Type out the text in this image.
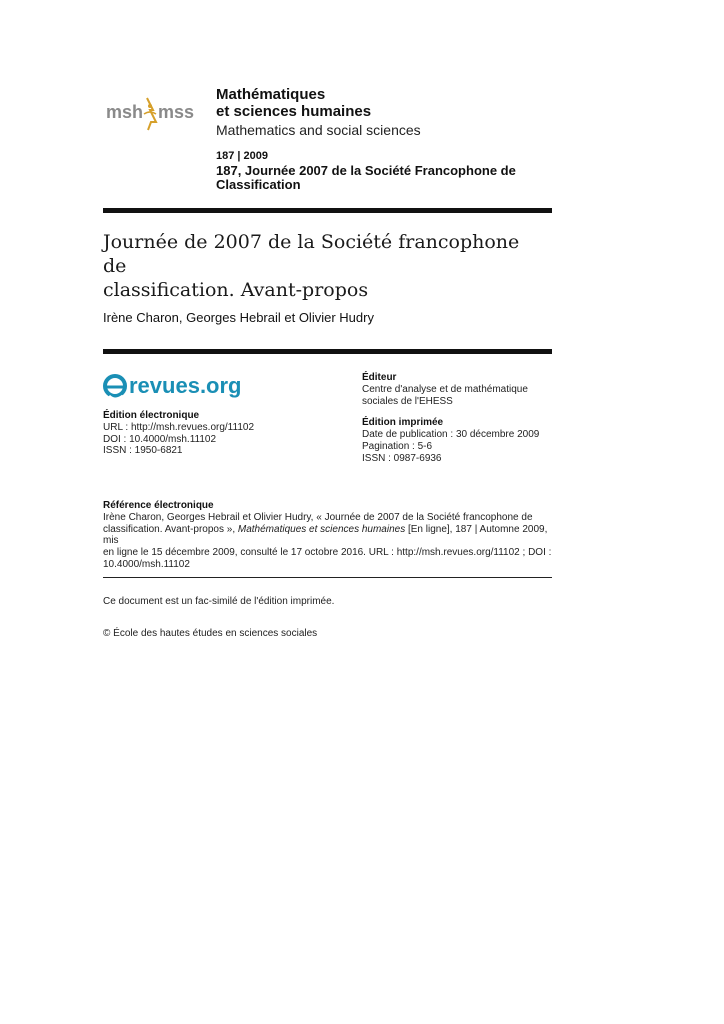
msh mss

Mathématiques

et sciences humaines

Mathematics and social sciences

187 | 2009
187, Journée 2007 de la Société Francophone de Classification
Journée de 2007 de la Société francophone de
classification. Avant-propos
Irène Charon, Georges Hebrail et Olivier Hudry
revues.org
Édition électronique
URL : http://msh.revues.org/11102
DOI : 10.4000/msh.11102
ISSN : 1950-6821
Éditeur
Centre d'analyse et de mathématique
sociales de l'EHESS
Édition imprimée
Date de publication : 30 décembre 2009
Pagination : 5-6
ISSN : 0987-6936
Référence électronique
Irène Charon, Georges Hebrail et Olivier Hudry, « Journée de 2007 de la Société francophone de
classification. Avant-propos », Mathématiques et sciences humaines [En ligne], 187 | Automne 2009, mis
en ligne le 15 décembre 2009, consulté le 17 octobre 2016. URL : http://msh.revues.org/11102 ; DOI :
10.4000/msh.11102
Ce document est un fac-similé de l'édition imprimée.
© École des hautes études en sciences sociales
